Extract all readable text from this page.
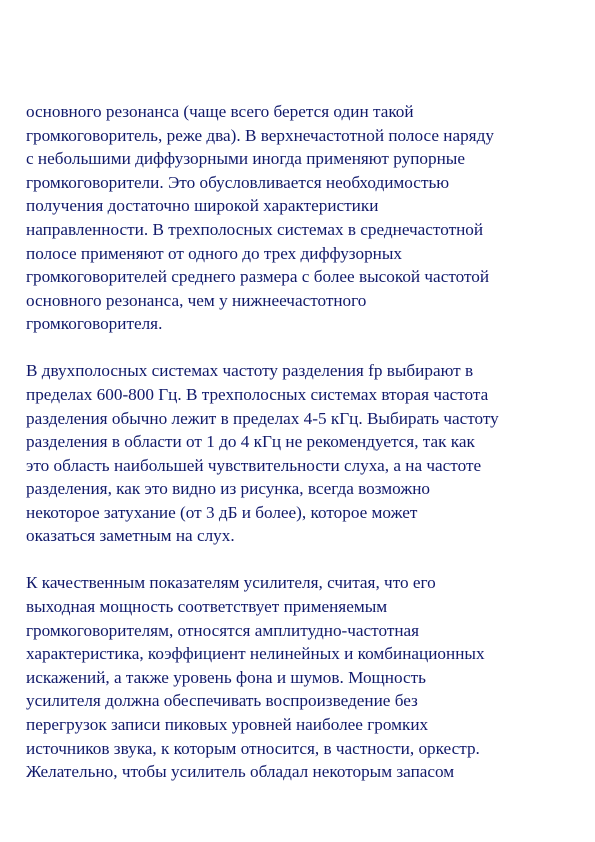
основного резонанса (чаще всего берется один такой
громкоговоритель, реже два). В верхнечастотной полосе наряду
с небольшими диффузорными иногда применяют рупорные
громкоговорители. Это обусловливается необходимостью
получения достаточно широкой характеристики
направленности. В трехполосных системах в среднечастотной
полосе применяют от одного до трех диффузорных
громкоговорителей среднего размера с более высокой частотой
основного резонанса, чем у нижнеечастотного
громкоговорителя.
В двухполосных системах частоту разделения fp выбирают в
пределах 600-800 Гц. В трехполосных системах вторая частота
разделения обычно лежит в пределах 4-5 кГц. Выбирать частоту
разделения в области от 1 до 4 кГц не рекомендуется, так как
это область наибольшей чувствительности слуха, а на частоте
разделения, как это видно из рисунка, всегда возможно
некоторое затухание (от 3 дБ и более), которое может
оказаться заметным на слух.
К качественным показателям усилителя, считая, что его
выходная мощность соответствует применяемым
громкоговорителям, относятся амплитудно-частотная
характеристика, коэффициент нелинейных и комбинационных
искажений, а также уровень фона и шумов. Мощность
усилителя должна обеспечивать воспроизведение без
перегрузок записи пиковых уровней наиболее громких
источников звука, к которым относится, в частности, оркестр.
Желательно, чтобы усилитель обладал некоторым запасом
